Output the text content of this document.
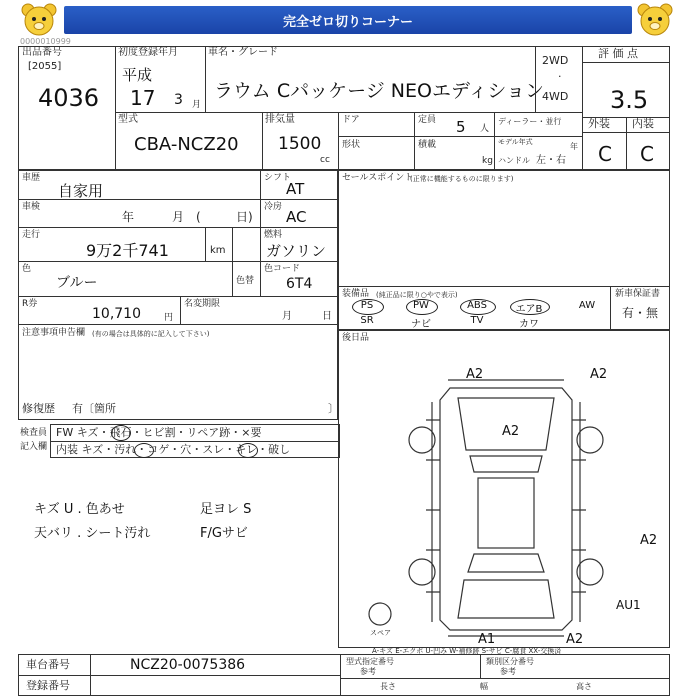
完全ゼロ切りコーナー
0000010999
出品番号
[2055]
4036
初度登録年月
平成
17 3 月
車名・グレード
ラウム Cパッケージ NEOエディション
2WD
·
4WD
評 価 点
3.5
外装 内装
C C
型式
CBA-NCZ20
排気量
1500
cc
ドア
形状
定員 5 人
積載
kg
ディーラー・並行
モデル年式	年
ハンドル 左・右
車歴
自家用
シフト
AT
車検
年	月 (	日)
冷房
AC
走行
9万2千741	km
燃料
ガソリン
色
ブルー	色替
色コード
6T4
R券
10,710	円
名変期限
月	日
注意事項申告欄 (有の場合は具体的に記入して下さい)
修復歴 有〔箇所	〕
セールスポイント
(正常に機能するものに限ります)
装備品 (純正品に限り○やで表示)	新車保証書
有・無
PS	PW	ABS	エアB	AW
SR	ナビ	TV	カワ
後日品
検査員
記入欄
FW キズ・飛石・ヒビ割・リペア跡・×要
内装 キズ・汚れ・コゲ・穴・スレ・キレ・破し
キズ U . 色あせ	足ヨレ S
天バリ . シート汚れ	F/Gサビ
A2	A2
A2
A2
A1	A2
AU1
スペア
A-キズ E-エクボ U-凹み W-補修跡 S-サビ C-腐食 XX-交換済
車台番号	NCZ20-0075386
登録番号
型式指定番号
参考
類別区分番号
参考
長さ	幅	高さ
